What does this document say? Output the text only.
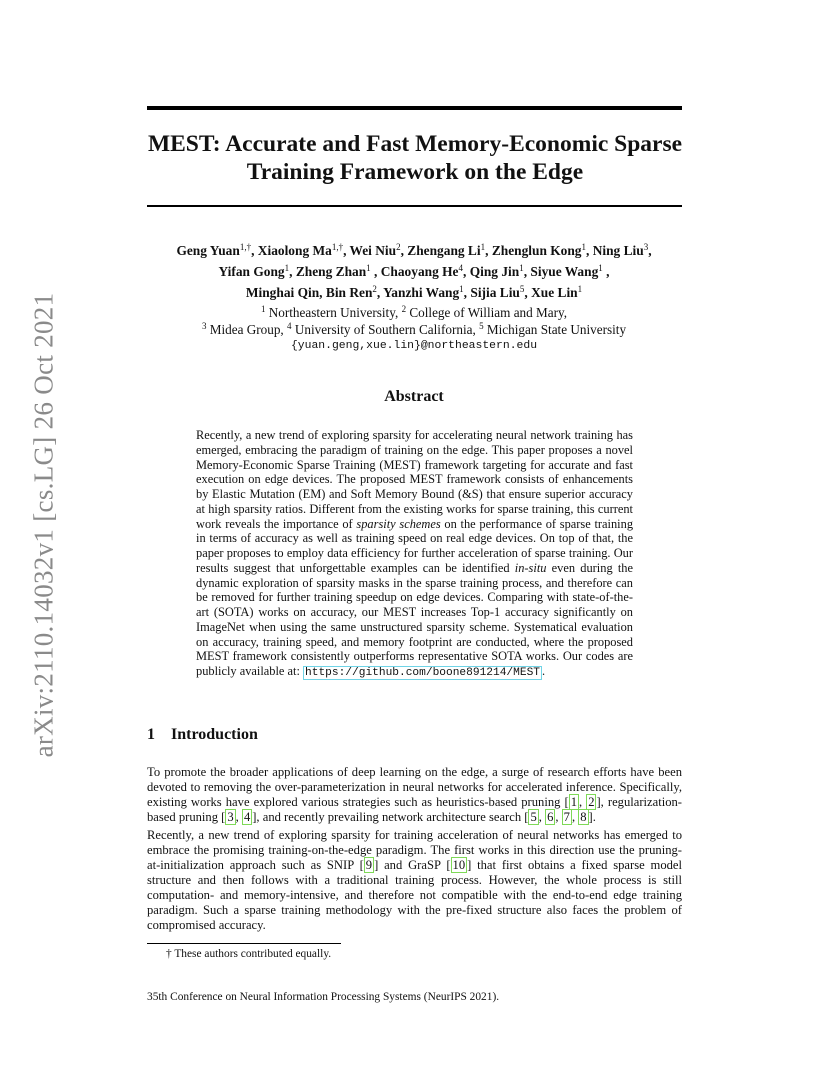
arXiv:2110.14032v1 [cs.LG] 26 Oct 2021
MEST: Accurate and Fast Memory-Economic Sparse Training Framework on the Edge
Geng Yuan$^{1,\dagger}$, Xiaolong $Ma^{1,\dagger}$, Wei Niu$^2$, Zhengang Li$^1$, Zhenglun Kong$^1$, Ning Liu$^3$,
Yifan Gong$^1$, Zheng Zhan$^1$ , Chaoyang He$^4$, Qing Jin$^1$, Siyue Wang$^1$ ,
Minghai Qin, Bin Ren$^2$, Yanzhi Wang$^1$, Sijia Liu$^5$, Xue Lin$^1$
$^1$ Northeastern University, $^2$ College of William and Mary,
$^3$ Midea Group, $^4$ University of Southern California, $^5$ Michigan State University
{yuan.geng,xue.lin}@northeastern.edu
Abstract

Recently, a new trend of exploring sparsity for accelerating neural network training has emerged, embracing the paradigm of training on the edge. This paper proposes a novel Memory-Economic Sparse Training (MEST) framework targeting for accurate and fast execution on edge devices. The proposed MEST framework consists of enhancements by Elastic Mutation (EM) and Soft Memory Bound (&S) that ensure superior accuracy at high sparsity ratios. Different from the existing works for sparse training, this current work reveals the importance of sparsity schemes on the performance of sparse training in terms of accuracy as well as training speed on real edge devices. On top of that, the paper proposes to employ data efficiency for further acceleration of sparse training. Our results suggest that unforgettable examples can be identified in-situ even during the dynamic exploration of sparsity masks in the sparse training process, and therefore can be removed for further training speedup on edge devices. Comparing with state-of-the-art (SOTA) works on accuracy, our MEST increases Top-1 accuracy significantly on ImageNet when using the same unstructured sparsity scheme. Systematical evaluation on accuracy, training speed, and memory footprint are conducted, where the proposed MEST framework consistently outperforms representative SOTA works. Our codes are publicly available at: https://github.com/boone891214/MEST .

1 Introduction

To promote the broader applications of deep learning on the edge, a surge of research efforts have been devoted to removing the over-parameterization in neural networks for accelerated inference. Specifically, existing works have explored various strategies such as heuristics-based pruning [ 1 , 2 ], regularization-based pruning [ 3 , 4 ], and recently prevailing network architecture search [ 5 , 6 , 7 , 8 ].

Recently, a new trend of exploring sparsity for training acceleration of neural networks has emerged to embrace the promising training-on-the-edge paradigm. The first works in this direction use the pruning-at-initialization approach such as SNIP [ 9 ] and GraSP [ 10 ] that first obtains a fixed sparse model structure and then follows with a traditional training process. However, the whole process is still computation- and memory-intensive, and therefore not compatible with the end-to-end edge training paradigm. Such a sparse training methodology with the pre-fixed structure also faces the problem of compromised accuracy.

† These authors contributed equally.
35th Conference on Neural Information Processing Systems (NeurIPS 2021).
